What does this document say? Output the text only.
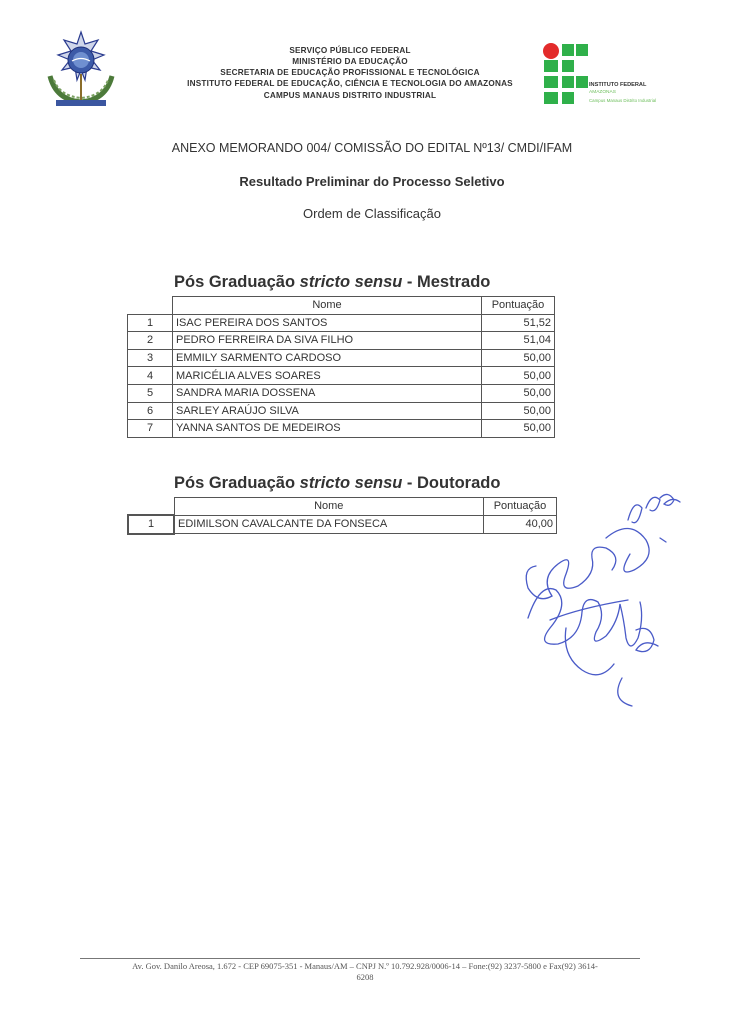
SERVIÇO PÚBLICO FEDERAL
MINISTÉRIO DA EDUCAÇÃO
SECRETARIA DE EDUCAÇÃO PROFISSIONAL E TECNOLÓGICA
INSTITUTO FEDERAL DE EDUCAÇÃO, CIÊNCIA E TECNOLOGIA DO AMAZONAS
CAMPUS MANAUS DISTRITO INDUSTRIAL
INSTITUTO FEDERAL
AMAZONAS
Campus Manaus Distrito Industrial
ANEXO MEMORANDO 004/ COMISSÃO DO EDITAL Nº13/ CMDI/IFAM
Resultado Preliminar do Processo Seletivo
Ordem de Classificação
Pós Graduação stricto sensu - Mestrado
	Nome	Pontuação
1	ISAC PEREIRA DOS SANTOS	51,52
2	PEDRO FERREIRA DA SIVA FILHO	51,04
3	EMMILY SARMENTO CARDOSO	50,00
4	MARICÉLIA ALVES SOARES	50,00
5	SANDRA MARIA DOSSENA	50,00
6	SARLEY ARAÚJO SILVA	50,00
7	YANNA SANTOS DE MEDEIROS	50,00
Pós Graduação stricto sensu - Doutorado
	Nome	Pontuação
1	EDIMILSON CAVALCANTE DA FONSECA	40,00
Av. Gov. Danilo Areosa, 1.672 - CEP 69075-351 - Manaus/AM – CNPJ N.º 10.792.928/0006-14 – Fone:(92) 3237-5800 e Fax(92) 3614-
6208
